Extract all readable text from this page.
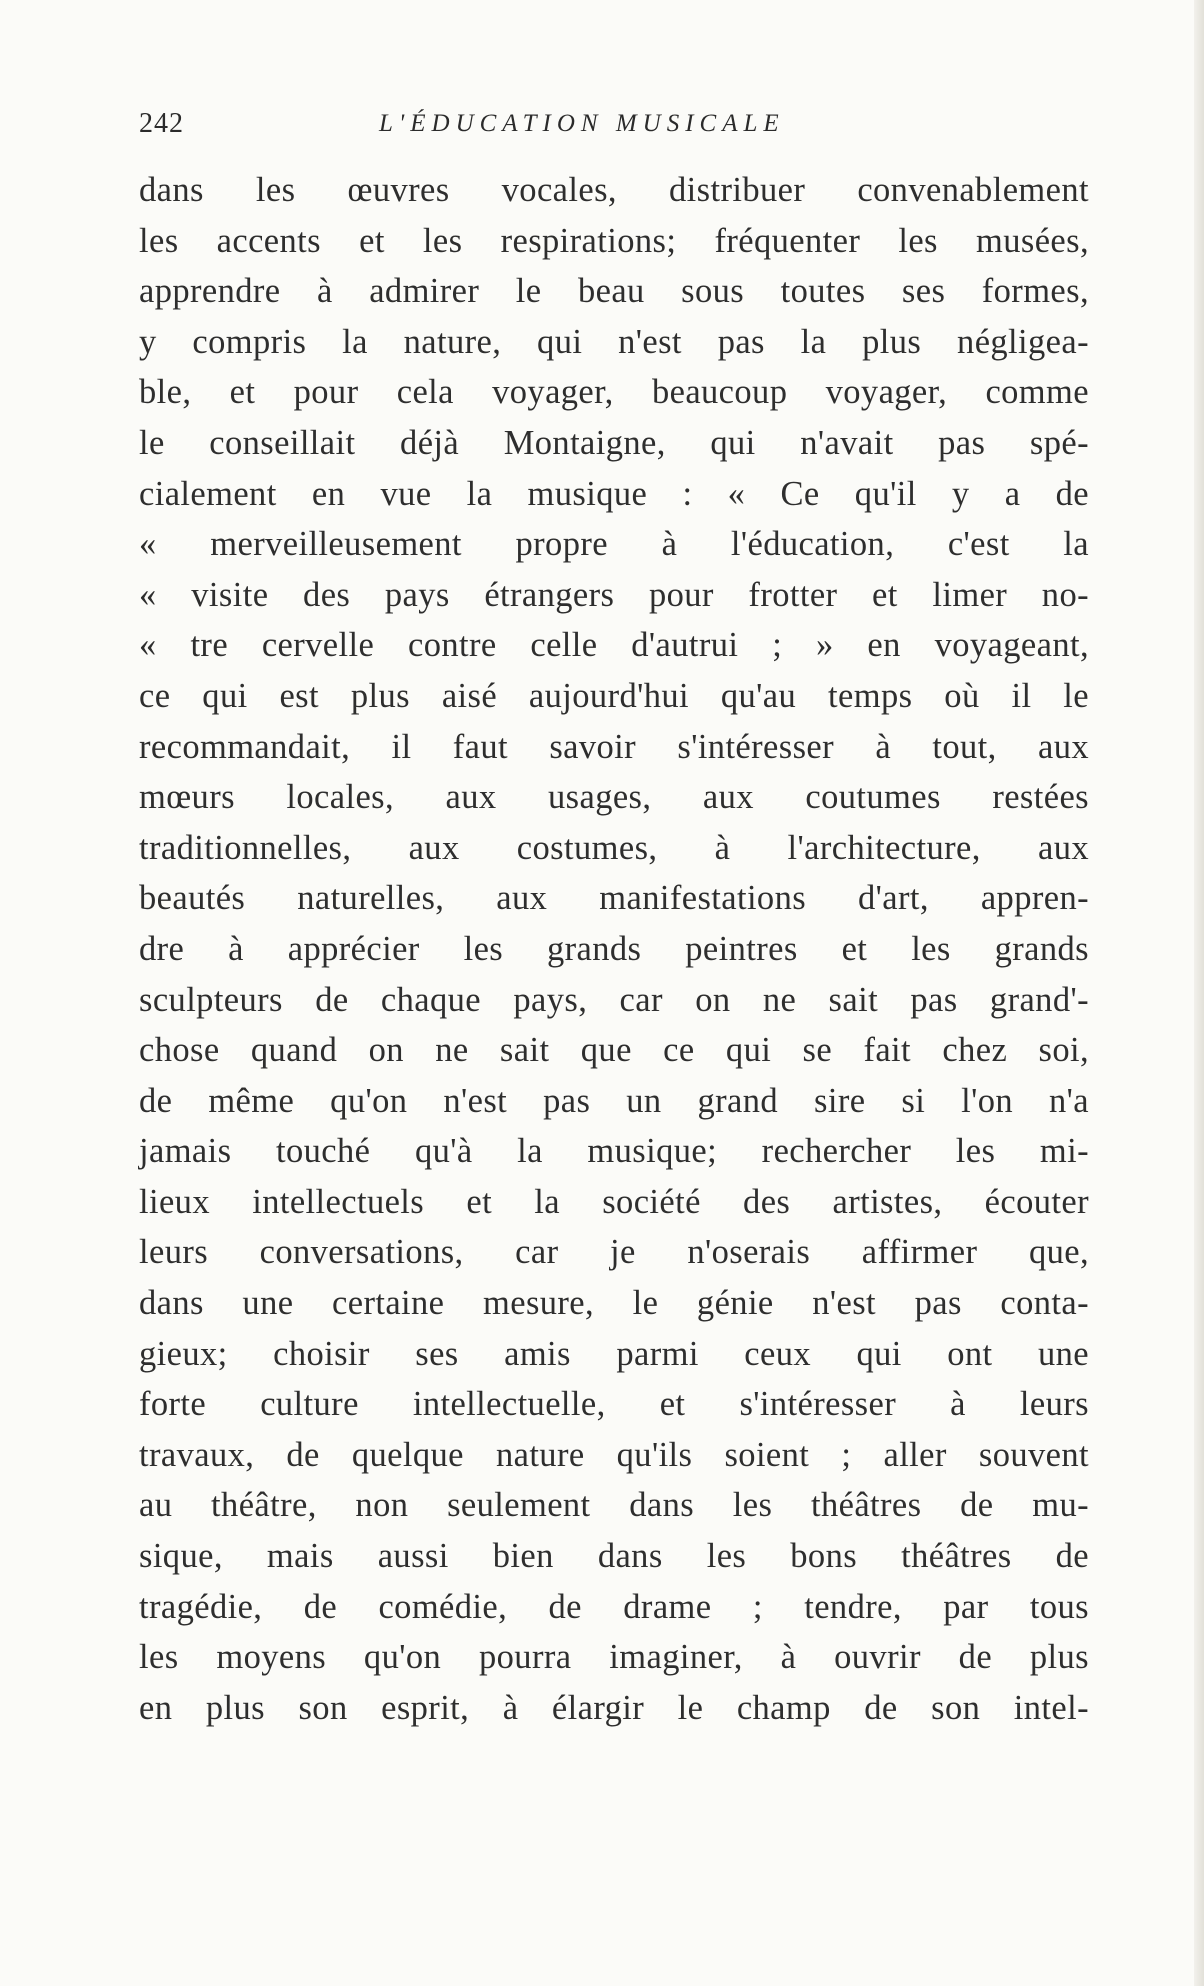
242	L'ÉDUCATION MUSICALE
dans les œuvres vocales, distribuer convenablement
les accents et les respirations; fréquenter les musées,
apprendre à admirer le beau sous toutes ses formes,
y compris la nature, qui n'est pas la plus négligea-
ble, et pour cela voyager, beaucoup voyager, comme
le conseillait déjà Montaigne, qui n'avait pas spé-
cialement en vue la musique : « Ce qu'il y a de
« merveilleusement propre à l'éducation, c'est la
« visite des pays étrangers pour frotter et limer no-
« tre cervelle contre celle d'autrui ; » en voyageant,
ce qui est plus aisé aujourd'hui qu'au temps où il le
recommandait, il faut savoir s'intéresser à tout, aux
mœurs locales, aux usages, aux coutumes restées
traditionnelles, aux costumes, à l'architecture, aux
beautés naturelles, aux manifestations d'art, appren-
dre à apprécier les grands peintres et les grands
sculpteurs de chaque pays, car on ne sait pas grand'-
chose quand on ne sait que ce qui se fait chez soi,
de même qu'on n'est pas un grand sire si l'on n'a
jamais touché qu'à la musique; rechercher les mi-
lieux intellectuels et la société des artistes, écouter
leurs conversations, car je n'oserais affirmer que,
dans une certaine mesure, le génie n'est pas conta-
gieux; choisir ses amis parmi ceux qui ont une
forte culture intellectuelle, et s'intéresser à leurs
travaux, de quelque nature qu'ils soient ; aller souvent
au théâtre, non seulement dans les théâtres de mu-
sique, mais aussi bien dans les bons théâtres de
tragédie, de comédie, de drame ; tendre, par tous
les moyens qu'on pourra imaginer, à ouvrir de plus
en plus son esprit, à élargir le champ de son intel-
